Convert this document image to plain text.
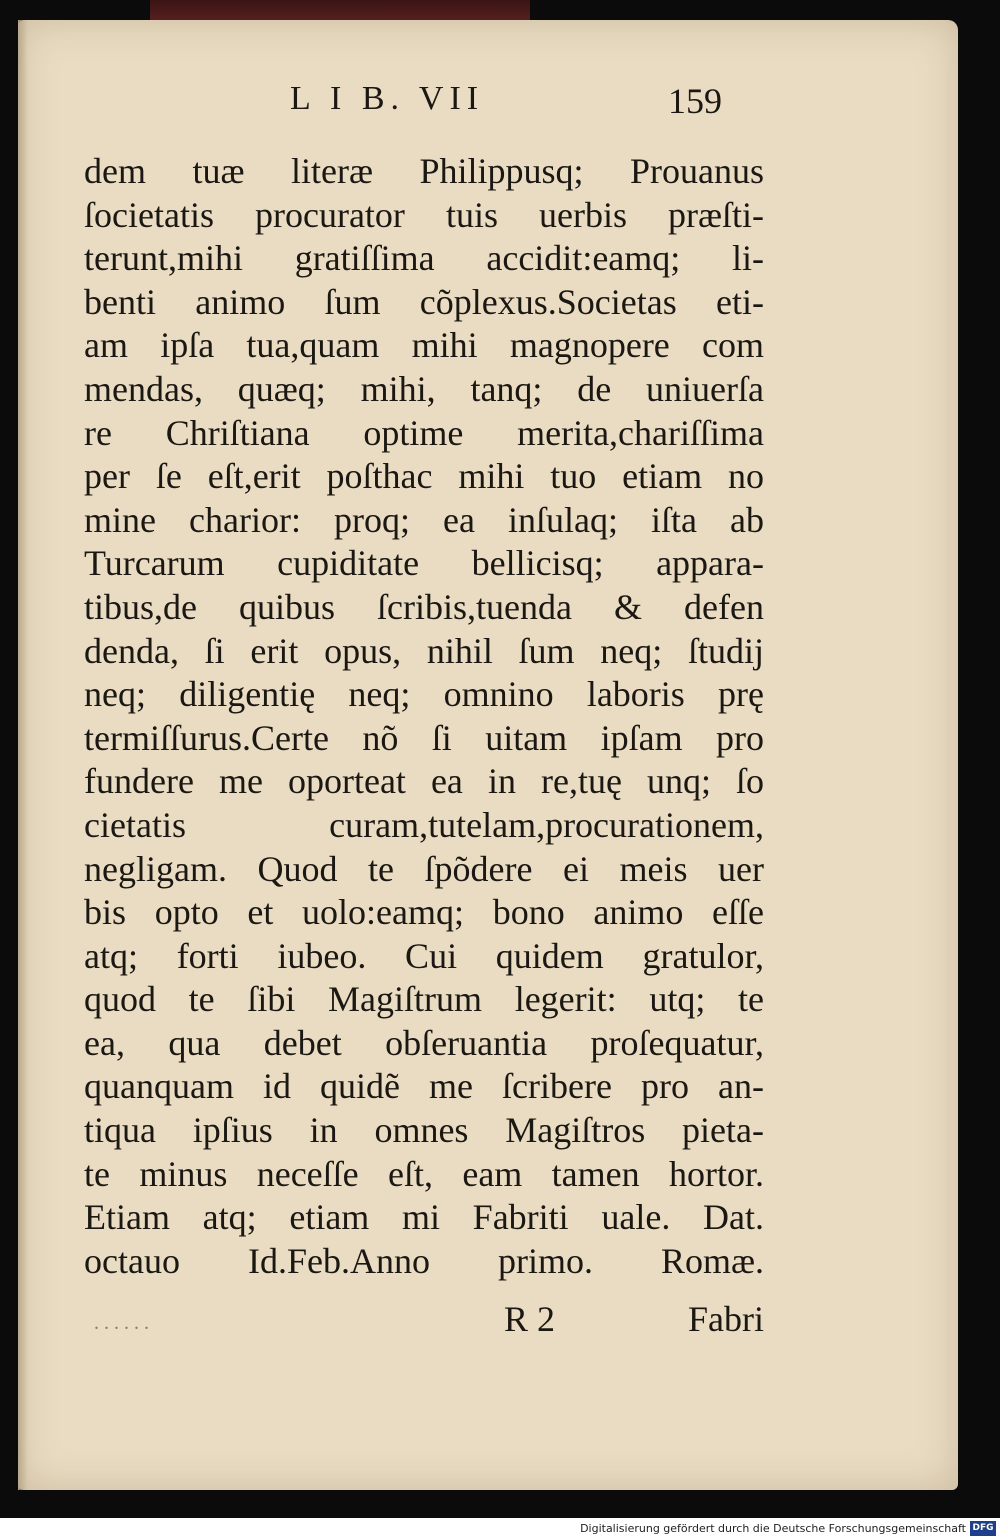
L I B. VII	159
dem tuæ literæ Philippusq; Prouanus
ſocietatis procurator tuis uerbis præſti-
terunt,mihi gratiſſima accidit:eamq; li-
benti animo ſum cõplexus.Societas eti-
am ipſa tua,quam mihi magnopere com
mendas, quæq; mihi, tanq; de uniuerſa
re Chriſtiana optime merita,chariſſima
per ſe eſt,erit poſthac mihi tuo etiam no
mine charior: proq; ea inſulaq; iſta ab
Turcarum cupiditate bellicisq; appara-
tibus,de quibus ſcribis,tuenda & defen
denda, ſi erit opus, nihil ſum neq; ſtudij
neq; diligentię neq; omnino laboris prę
termiſſurus.Certe nõ ſi uitam ipſam pro
fundere me oporteat ea in re,tuę unq; ſo
cietatis curam,tutelam,procurationem,
negligam. Quod te ſpõdere ei meis uer
bis opto et uolo:eamq; bono animo eſſe
atq; forti iubeo. Cui quidem gratulor,
quod te ſibi Magiſtrum legerit: utq; te
ea, qua debet obſeruantia proſequatur,
quanquam id quidẽ me ſcribere pro an-
tiqua ipſius in omnes Magiſtros pieta-
te minus neceſſe eſt, eam tamen hortor.
Etiam atq; etiam mi Fabriti uale. Dat.
octauo Id.Feb.Anno primo. Romæ.
. . . . . .	R 2	Fabri
Digitalisierung gefördert durch die Deutsche Forschungsgemeinschaft DFG
